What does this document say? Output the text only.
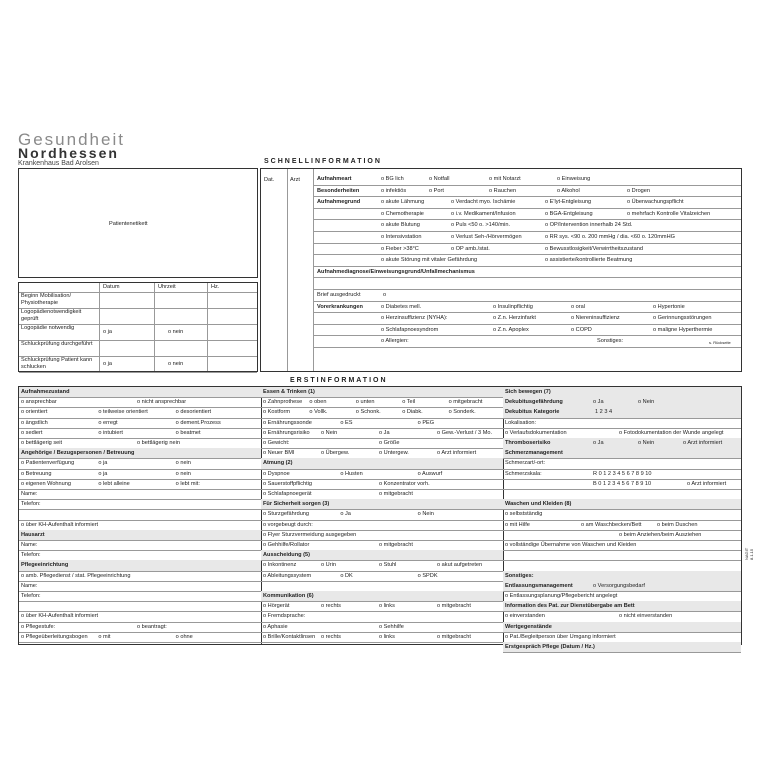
Gesundheit
Nordhessen
Krankenhaus Bad Arolsen
Patientenetikett
Datum	Uhrzeit	Hz.
Beginn Mobilisation/ Physiotherapie
Logopädienotwendigkeit geprüft
Logopädie notwendig
o ja	o nein
Schluckprüfung durchgeführt
Schluckprüfung Patient kann schlucken	o ja	o nein
SCHNELLINFORMATION
Dat.	Arzt	Aufnahmeart	o BG lich	o Notfall	o mit Notarzt	o Einweisung
Besonderheiten	o infektiös	o Port	o Rauchen	o Alkohol	o Drogen
Aufnahmegrund	o akute Lähmung	o Verdacht myo. Ischämie	o E'lyt-Entgleisung	o Überwachungspflicht
o Chemotherapie	o i.v. Medikament/Infusion	o BGA-Entgleisung	o mehrfach Kontrolle Vitalzeichen
o akute Blutung	o Puls <50 o. >140/min.	o OP/Intervention innerhalb 24 Std.
o Intensivstation	o Verlust Seh-/Hörvermögen	o RR sys. <90 o. 200 mmHg / dia. <60 o. 120mmHG
o Fieber >38°C	o OP amb./stat.	o Bewusstlosigkeit/Verwirrtheitszustand
o akute Störung mit vitaler Gefährdung	o assistierte/kontrollierte Beatmung
Aufnahmediagnose/Einweisungsgrund/Unfallmechanismus
Brief ausgedruckt	o
Vorerkrankungen	o Diabetes mell.	o Insulinpflichtig	o oral	o Hypertonie
o Herzinsuffizienz (NYHA):	o Z.n. Herzinfarkt	o Niereninsuffizienz	o Gerinnungsstörungen
o Schlafapnoesyndrom	o Z.n. Apoplex	o COPD	o maligne Hyperthermie
o Allergien:	Sonstiges:	s. Rückseite
ERSTINFORMATION
Aufnahmezustand
o ansprechbar	o nicht ansprechbar
o orientiert	o teilweise orientiert	o desorientiert
o ängstlich	o erregt	o dement.Prozess
o sediert	o intubiert	o beatmet
o bettlägerig seit	o bettlägerig nein
Angehörige / Bezugspersonen / Betreuung
o Patientenverfügung	o ja	o nein
o Betreuung	o ja	o nein
o eigenen Wohnung	o lebt alleine	o lebt mit:
Name:
Telefon:
o über KH-Aufenthalt informiert
Hausarzt
Name:
Telefon:
Pflegeeinrichtung
o amb. Pflegedienst / stat. Pflegeeinrichtung
Name:
Telefon:
o über KH-Aufenthalt informiert
o Pflegestufe:	o beantragt:
o Pflegeüberleitungsbogen	o mit	o ohne
Essen & Trinken (1)
o Zahnprothese	o oben	o unten	o Teil	o mitgebracht
o Kostform	o Vollk.	o Schonk.	o Diabk.	o Sonderk.
o Ernährungssonde	o ES	o PEG
o Ernährungsrisiko	o Nein	o Ja	o Gew.-Verlust / 3 Mo.
o Gewicht:	o Größe
o Neuer BMI	o Übergew.	o Untergew.	o Arzt informiert
Atmung (2)
o Dyspnoe	o Husten	o Auswurf
o Sauerstoffpflichtig	o Konzentrator vorh.
o Schlafapnoegerät	o mitgebracht
Für Sicherheit sorgen (3)
o Sturzgefährdung	o Ja	o Nein
o vorgebeugt durch:
o Flyer Sturzvermeidung ausgegeben
o Gehhilfe/Rollator	o mitgebracht
Ausscheidung (5)
o Inkontinenz	o Urin	o Stuhl	o akut aufgetreten
o Ableitungssystem	o DK	o SPDK
Kommunikation (6)
o Hörgerät	o rechts	o links	o mitgebracht
o Fremdsprache:
o Aphasie	o Sehhilfe
o Brille/Kontaktlinsen	o rechts	o links	o mitgebracht
Sich bewegen (7)
Dekubitusgefährdung	o Ja	o Nein
Dekubitus Kategorie	1 2 3 4
Lokalisation:
o Verlaufsdokumentation	o Fotodokumentation der Wunde angelegt
Thromboserisiko	o Ja	o Nein	o Arzt informiert
Schmerzmanagement
Schmerzart/-ort:
Schmerzskala:	R 0 1 2 3 4 5 6 7 8 9 10
B 0 1 2 3 4 5 6 7 8 9 10	o Arzt informiert
Waschen und Kleiden (8)
o selbstständig
o mit Hilfe	o am Waschbecken/Bett	o beim Duschen
o beim Anziehen/beim Ausziehen
o vollständige Übernahme von Waschen und Kleiden
Sonstiges:
Entlassungsmanagement	o Versorgungsbedarf
o Entlassungsplanung/Pflegebericht angelegt
Information des Pat. zur Dienstübergabe am Bett
o einverstanden	o nicht einverstanden
Wertgegenstände
o Pat./Begleitperson über Umgang informiert
Erstgespräch Pflege (Datum / Hz.)
NAGIT 8.1.15
